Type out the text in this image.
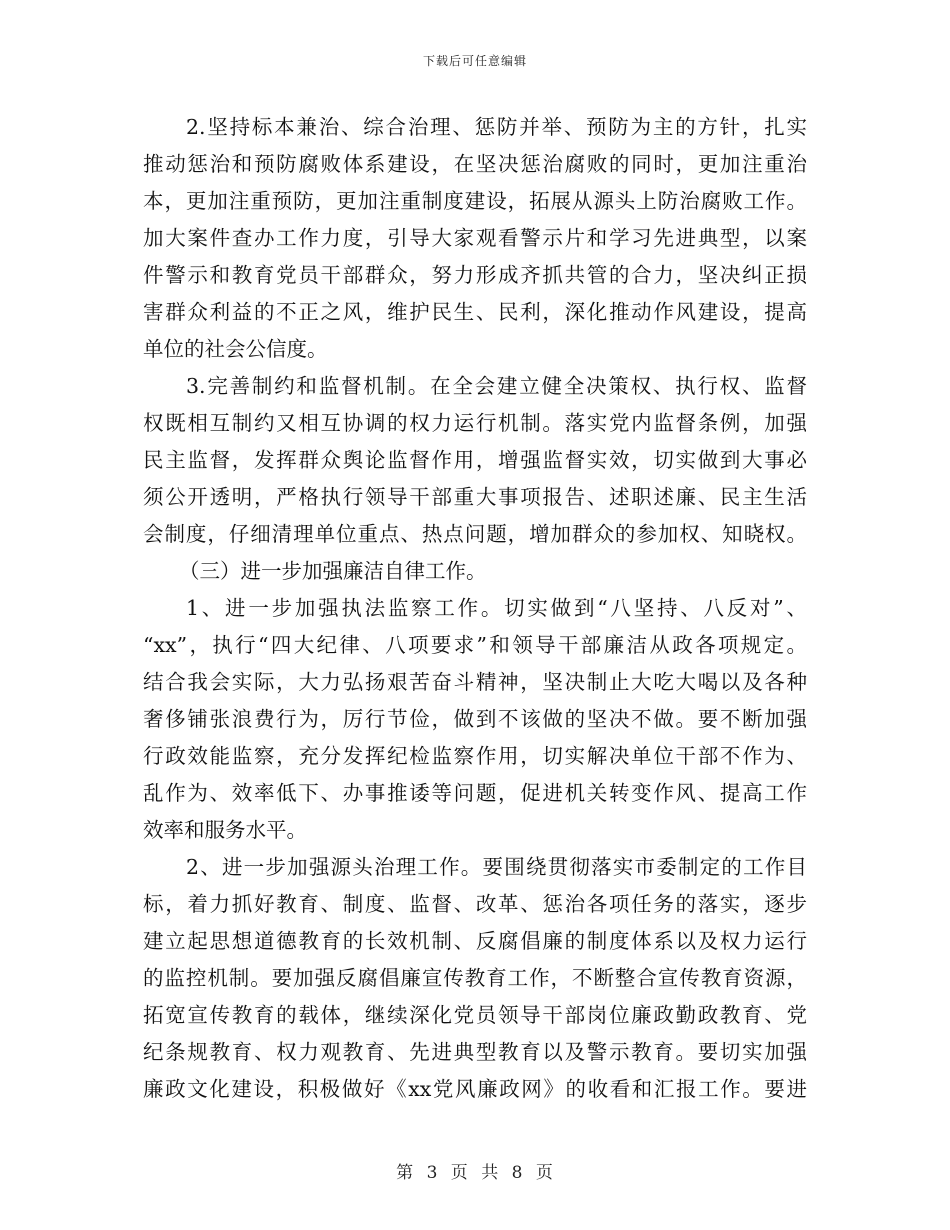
下载后可任意编辑
2.坚持标本兼治、综合治理、惩防并举、预防为主的方针，扎实
推动惩治和预防腐败体系建设，在坚决惩治腐败的同时，更加注重治
本，更加注重预防，更加注重制度建设，拓展从源头上防治腐败工作。
加大案件查办工作力度，引导大家观看警示片和学习先进典型，以案
件警示和教育党员干部群众，努力形成齐抓共管的合力，坚决纠正损
害群众利益的不正之风，维护民生、民利，深化推动作风建设，提高
单位的社会公信度。
3.完善制约和监督机制。在全会建立健全决策权、执行权、监督
权既相互制约又相互协调的权力运行机制。落实党内监督条例，加强
民主监督，发挥群众舆论监督作用，增强监督实效，切实做到大事必
须公开透明，严格执行领导干部重大事项报告、述职述廉、民主生活
会制度，仔细清理单位重点、热点问题，增加群众的参加权、知晓权。
（三）进一步加强廉洁自律工作。
1、进一步加强执法监察工作。切实做到“八坚持、八反对”、
“xx”，执行“四大纪律、八项要求”和领导干部廉洁从政各项规定。
结合我会实际，大力弘扬艰苦奋斗精神，坚决制止大吃大喝以及各种
奢侈铺张浪费行为，厉行节俭，做到不该做的坚决不做。要不断加强
行政效能监察，充分发挥纪检监察作用，切实解决单位干部不作为、
乱作为、效率低下、办事推诿等问题，促进机关转变作风、提高工作
效率和服务水平。
2、进一步加强源头治理工作。要围绕贯彻落实市委制定的工作目
标，着力抓好教育、制度、监督、改革、惩治各项任务的落实，逐步
建立起思想道德教育的长效机制、反腐倡廉的制度体系以及权力运行
的监控机制。要加强反腐倡廉宣传教育工作，不断整合宣传教育资源，
拓宽宣传教育的载体，继续深化党员领导干部岗位廉政勤政教育、党
纪条规教育、权力观教育、先进典型教育以及警示教育。要切实加强
廉政文化建设，积极做好《xx党风廉政网》的收看和汇报工作。要进
第 3 页 共 8 页
